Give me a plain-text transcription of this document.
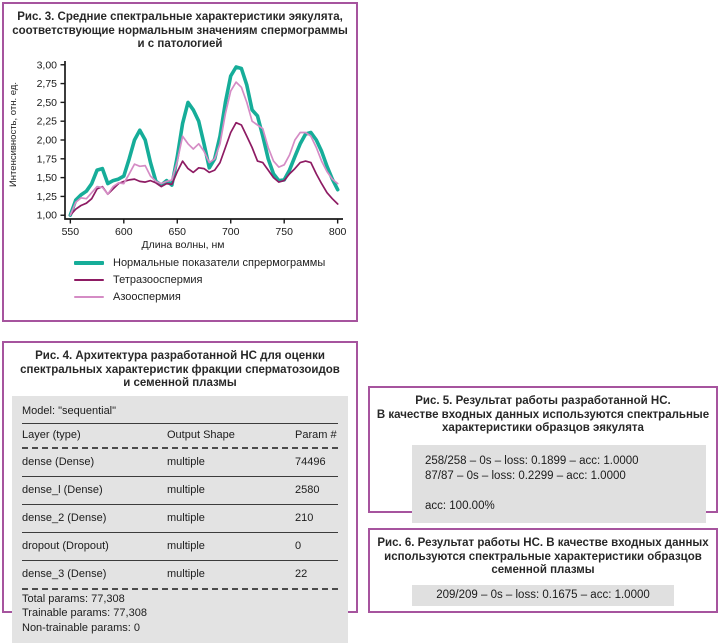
Рис. 3. Средние спектральные характеристики эякулята,
соответствующие нормальным значениям спермограммы
и с патологией
Интенсивность, отн. ед.
550	600	650	700	750	800
1,00
1,25
1,50
1,75
2,00
2,25
2,50
2,75
3,00
Длина волны, нм
Нормальные показатели спрермограммы
Тетразооспермия
Азооспермия
Рис. 4. Архитектура разработанной НС для оценки
спектральных характеристик фракции сперматозоидов
и семенной плазмы
Model: "sequential"
Layer (type)	Output Shape	Param #
dense (Dense)	multiple	74496
dense_l (Dense)	multiple	2580
dense_2 (Dense)	multiple	210
dropout (Dropout)	multiple	0
dense_3 (Dense)	multiple	22
Total params: 77,308
Trainable params: 77,308
Non-trainable params: 0
Рис. 5. Результат работы разработанной НС.
В качестве входных данных используются спектральные
характеристики образцов эякулята
258/258 – 0s – loss: 0.1899 – acc: 1.0000
87/87 – 0s – loss: 0.2299 – acc: 1.0000
acc: 100.00%
Рис. 6. Результат работы НС. В качестве входных данных
используются спектральные характеристики образцов
семенной плазмы
209/209 – 0s – loss: 0.1675 – acc: 1.0000
